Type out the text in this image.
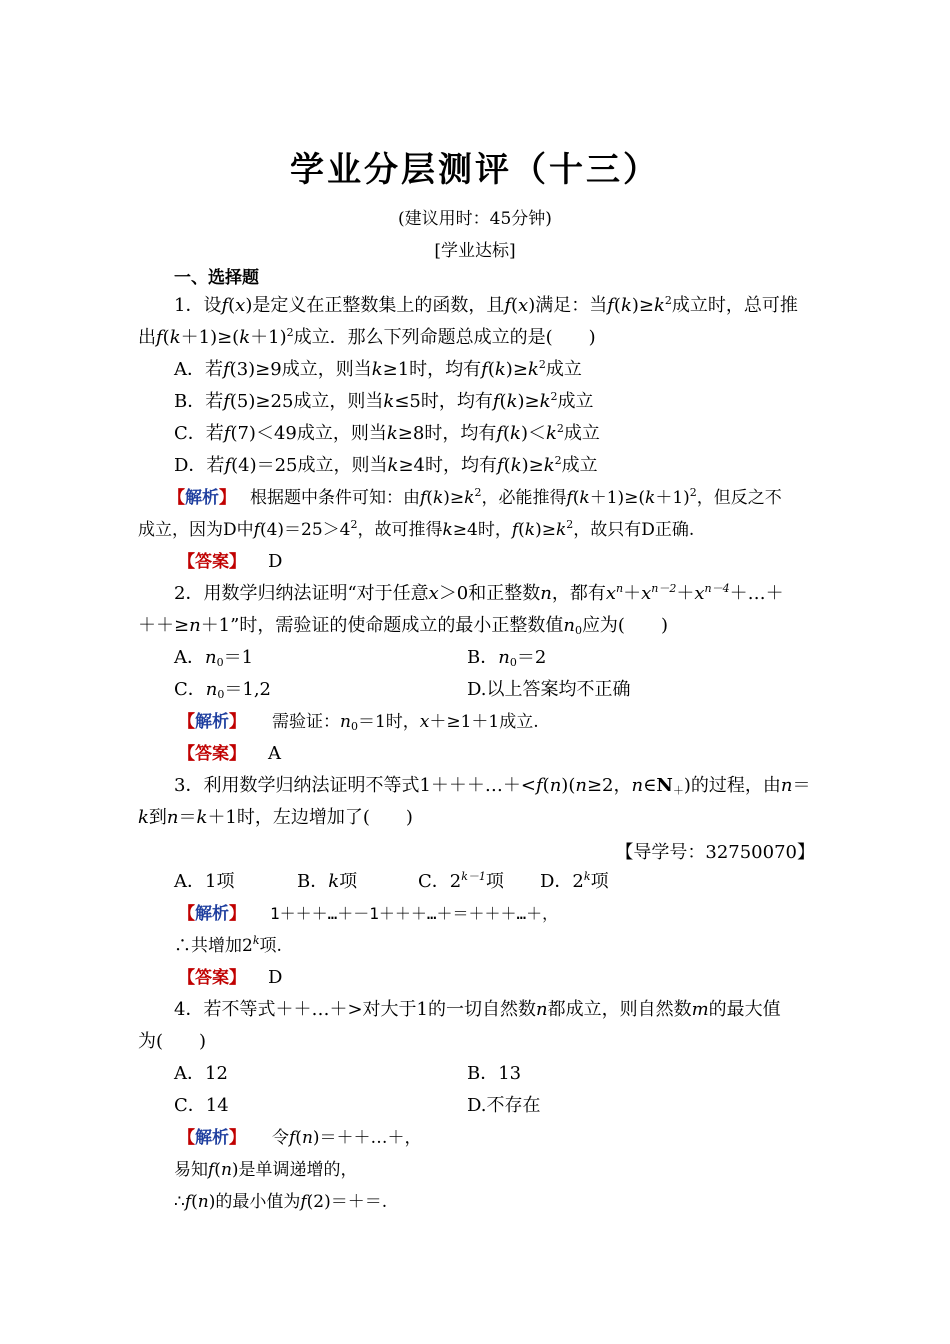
学业分层测评（十三）
(建议用时：45分钟)
[学业达标]
一、选择题
1．设f(x)是定义在正整数集上的函数，且f(x)满足：当$f(k)\ge k^2$成立时，总可推
出$f(k+1)\ge(k+1)^2$成立．那么下列命题总成立的是(　　)
A．若f(3)≥9成立，则当k≥1时，均有$f(k)\ge k^2$成立
B．若f(5)≥25成立，则当k≤5时，均有$f(k)\ge k^2$成立
C．若f(7)＜49成立，则当k≥8时，均有$f(k)<k^2$成立
D．若f(4)＝25成立，则当k≥4时，均有$f(k)\ge k^2$成立
【解析】 根据题中条件可知：由$f(k)\ge k^2$，必能推得$f(k+1)\ge(k+1)^2$，但反之不
成立，因为D中$f(4)=25>4^2$，故可推得k≥4时，$f(k)\ge k^2$，故只有D正确.
【答案】 D
2．用数学归纳法证明“对于任意x＞0和正整数n，都有$x^n+x^{n-2}+x^{n-4}+\dots+$
＋＋≥n＋1”时，需验证的使命题成立的最小正整数值$n_0$应为(　　)
A．$n_0=1$	B．$n_0=2$
C．$n_0=1,2$	D.以上答案均不正确
【解析】 需验证：$n_0=1$时，x＋≥1＋1成立.
【答案】 A
3．利用数学归纳法证明不等式1＋＋＋…＋<f(n)(n≥2，$n\in N_+$)的过程，由n＝
k到n＝k＋1时，左边增加了(　　)
【导学号：32750070】
A．1项	B．k项	C．$2^{k-1}$项 D．2$^k$项
【解析】 1＋＋＋…＋－1＋＋＋…＋＝＋＋＋…＋，
∴共增加2$^k$项.
【答案】 D
4．若不等式＋＋…＋>对大于1的一切自然数n都成立，则自然数m的最大值
为(　　)
A．12	B．13
C．14	D.不存在
【解析】 令f(n)＝＋＋…＋，
易知f(n)是单调递增的，
∴f(n)的最小值为f(2)＝＋＝.
